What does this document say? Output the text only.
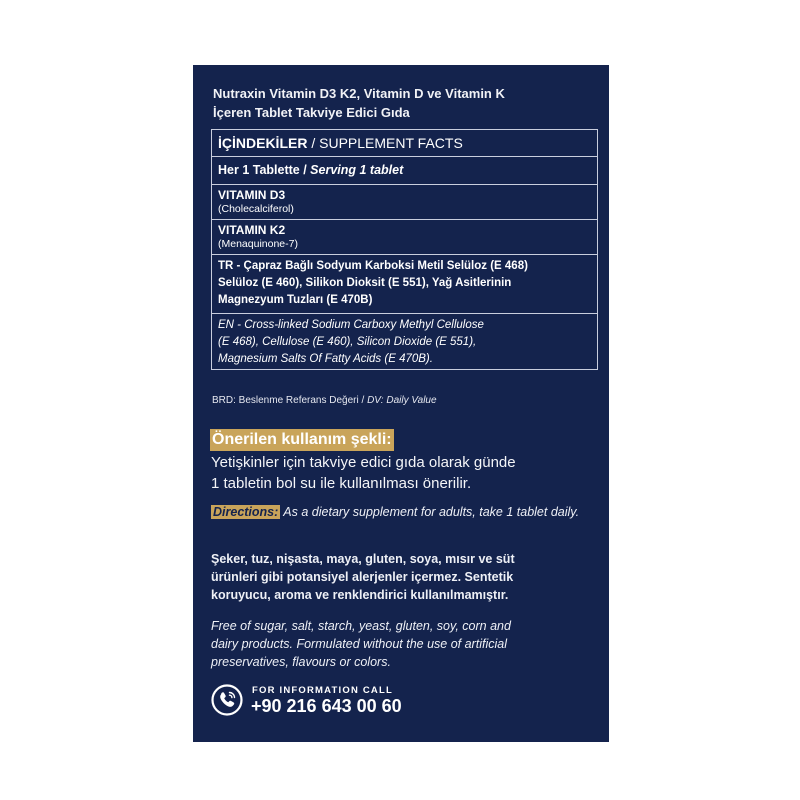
Nutraxin Vitamin D3 K2, Vitamin D ve Vitamin K
İçeren Tablet Takviye Edici Gıda
İÇİNDEKİLER / SUPPLEMENT FACTS
Her 1 Tablette / Serving 1 tablet
VITAMIN D3
(Cholecalciferol)
VITAMIN K2
(Menaquinone-7)
TR - Çapraz Bağlı Sodyum Karboksi Metil Selüloz (E 468)
Selüloz (E 460), Silikon Dioksit (E 551), Yağ Asitlerinin
Magnezyum Tuzları (E 470B)
EN - Cross-linked Sodium Carboxy Methyl Cellulose
(E 468), Cellulose (E 460), Silicon Dioxide (E 551),
Magnesium Salts Of Fatty Acids (E 470B).
BRD: Beslenme Referans Değeri / DV: Daily Value
Önerilen kullanım şekli:
Yetişkinler için takviye edici gıda olarak günde
1 tabletin bol su ile kullanılması önerilir.
Directions: As a dietary supplement for adults, take 1 tablet daily.
Şeker, tuz, nişasta, maya, gluten, soya, mısır ve süt
ürünleri gibi potansiyel alerjenler içermez. Sentetik
koruyucu, aroma ve renklendirici kullanılmamıştır.
Free of sugar, salt, starch, yeast, gluten, soy, corn and
dairy products. Formulated without the use of artificial
preservatives, flavours or colors.
FOR INFORMATION CALL
+90 216 643 00 60
